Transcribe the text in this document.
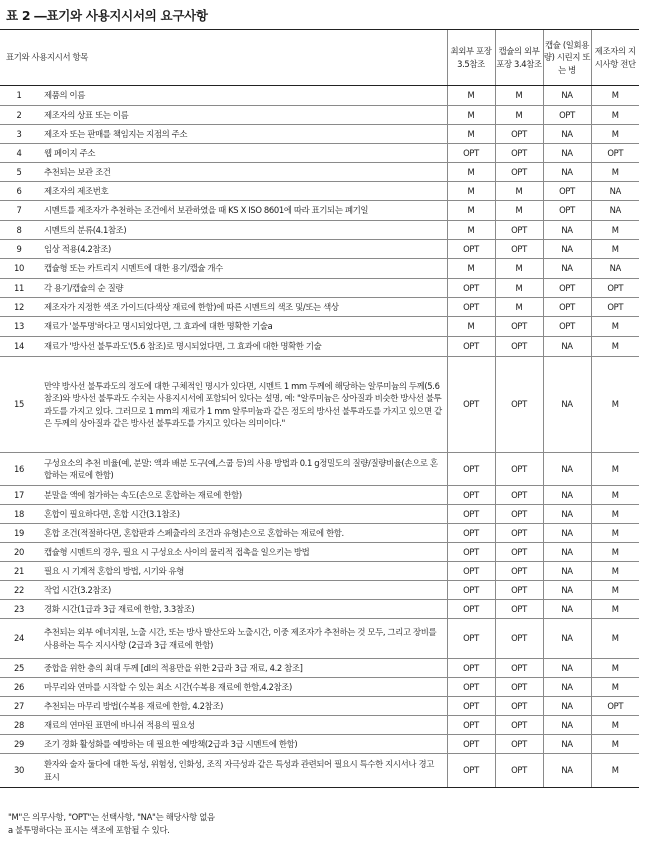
표 2 ―표기와 사용지시서의 요구사항
표기와 사용지시서 항목		최외부 포장 3.5참조	캡슐의 외부 포장 3.4참조	캡슐 (일회용량) 시린지 또는 병	제조자의 지시사항 전단
1	제품의 이름	M	M	NA	M
2	제조자의 상표 또는 이름	M	M	OPT	M
3	제조자 또는 판매를 책임지는 지점의 주소	M	OPT	NA	M
4	웹 페이지 주소	OPT	OPT	NA	OPT
5	추천되는 보관 조건	M	OPT	NA	M
6	제조자의 제조번호	M	M	OPT	NA
7	시멘트를 제조자가 추천하는 조건에서 보관하였을 때 KS X ISO 8601에 따라 표기되는 폐기일	M	M	OPT	NA
8	시멘트의 분류(4.1참조)	M	OPT	NA	M
9	임상 적용(4.2참조)	OPT	OPT	NA	M
10	캡슐형 또는 카트리지 시멘트에 대한 용기/캡슐 개수	M	M	NA	NA
11	각 용기/캡슐의 순 질량	OPT	M	OPT	OPT
12	제조자가 지정한 색조 가이드(다색상 재료에 한함)에 따른 시멘트의 색조 및/또는 색상	OPT	M	OPT	OPT
13	재료가 '불투명'하다고 명시되었다면, 그 효과에 대한 명확한 기술a	M	OPT	OPT	M
14	재료가 '방사선 불투과도'(5.6 참조)로 명시되었다면, 그 효과에 대한 명확한 기술	OPT	OPT	NA	M
15	만약 방사선 불투과도의 정도에 대한 구체적인 명시가 있다면, 시멘트 1 mm 두께에 해당하는 알루미늄의 두께(5.6 참조)와 방사선 불투과도 수치는 사용지시서에 포함되어 있다는 설명, 예: "알루미늄은 상아질과 비슷한 방사선 불투과도를 가지고 있다. 그러므로 1 mm의 재료가 1 mm 알루미늄과 같은 정도의 방사선 불투과도를 가지고 있으면 같은 두께의 상아질과 같은 방사선 불투과도를 가지고 있다는 의미이다."	OPT	OPT	NA	M
16	구성요소의 추천 비율(예, 분말: 액과 배분 도구(예,스쿱 등)의 사용 방법과 0.1 g정밀도의 질량/질량비율(손으로 혼합하는 재료에 한함)	OPT	OPT	NA	M
17	분말을 액에 첨가하는 속도(손으로 혼합하는 재료에 한함)	OPT	OPT	NA	M
18	혼합이 필요하다면, 혼합 시간(3.1참조)	OPT	OPT	NA	M
19	혼합 조건(적절하다면, 혼합판과 스페츌라의 조건과 유형)손으로 혼합하는 재료에 한함.	OPT	OPT	NA	M
20	캡슐형 시멘트의 경우, 필요 시 구성요소 사이의 물리적 접촉을 일으키는 방법	OPT	OPT	NA	M
21	필요 시 기계적 혼합의 방법, 시기와 유형	OPT	OPT	NA	M
22	작업 시간(3.2참조)	OPT	OPT	NA	M
23	경화 시간(1급과 3급 재료에 한함, 3.3참조)	OPT	OPT	NA	M
24	추천되는 외부 에너지원, 노출 시간, 또는 방사 발산도와 노출시간, 이중 제조자가 추천하는 것 모두, 그리고 장비를 사용하는 특수 지시사항 (2급과 3급 재료에 한함)	OPT	OPT	NA	M
25	중합을 위한 층의 최대 두께 [dl의 적용만을 위한 2급과 3급 재료, 4.2 참조]	OPT	OPT	NA	M
26	마무리와 연마를 시작할 수 있는 최소 시간(수복용 재료에 한함,4.2참조)	OPT	OPT	NA	M
27	추천되는 마무리 방법(수복용 재료에 한함, 4.2참조)	OPT	OPT	NA	OPT
28	재료의 연마된 표면에 바니쉬 적용의 필요성	OPT	OPT	NA	M
29	조기 경화 활성화를 예방하는 데 필요한 예방책(2급과 3급 시멘트에 한함)	OPT	OPT	NA	M
30	환자와 술자 둘다에 대한 독성, 위험성, 인화성, 조직 자극성과 같은 특성과 관련되어 필요시 특수한 지시서나 경고 표시	OPT	OPT	NA	M
"M"은 의무사항, "OPT"는 선택사항, "NA"는 해당사항 없음
a 불투명하다는 표시는 색조에 포함될 수 있다.
